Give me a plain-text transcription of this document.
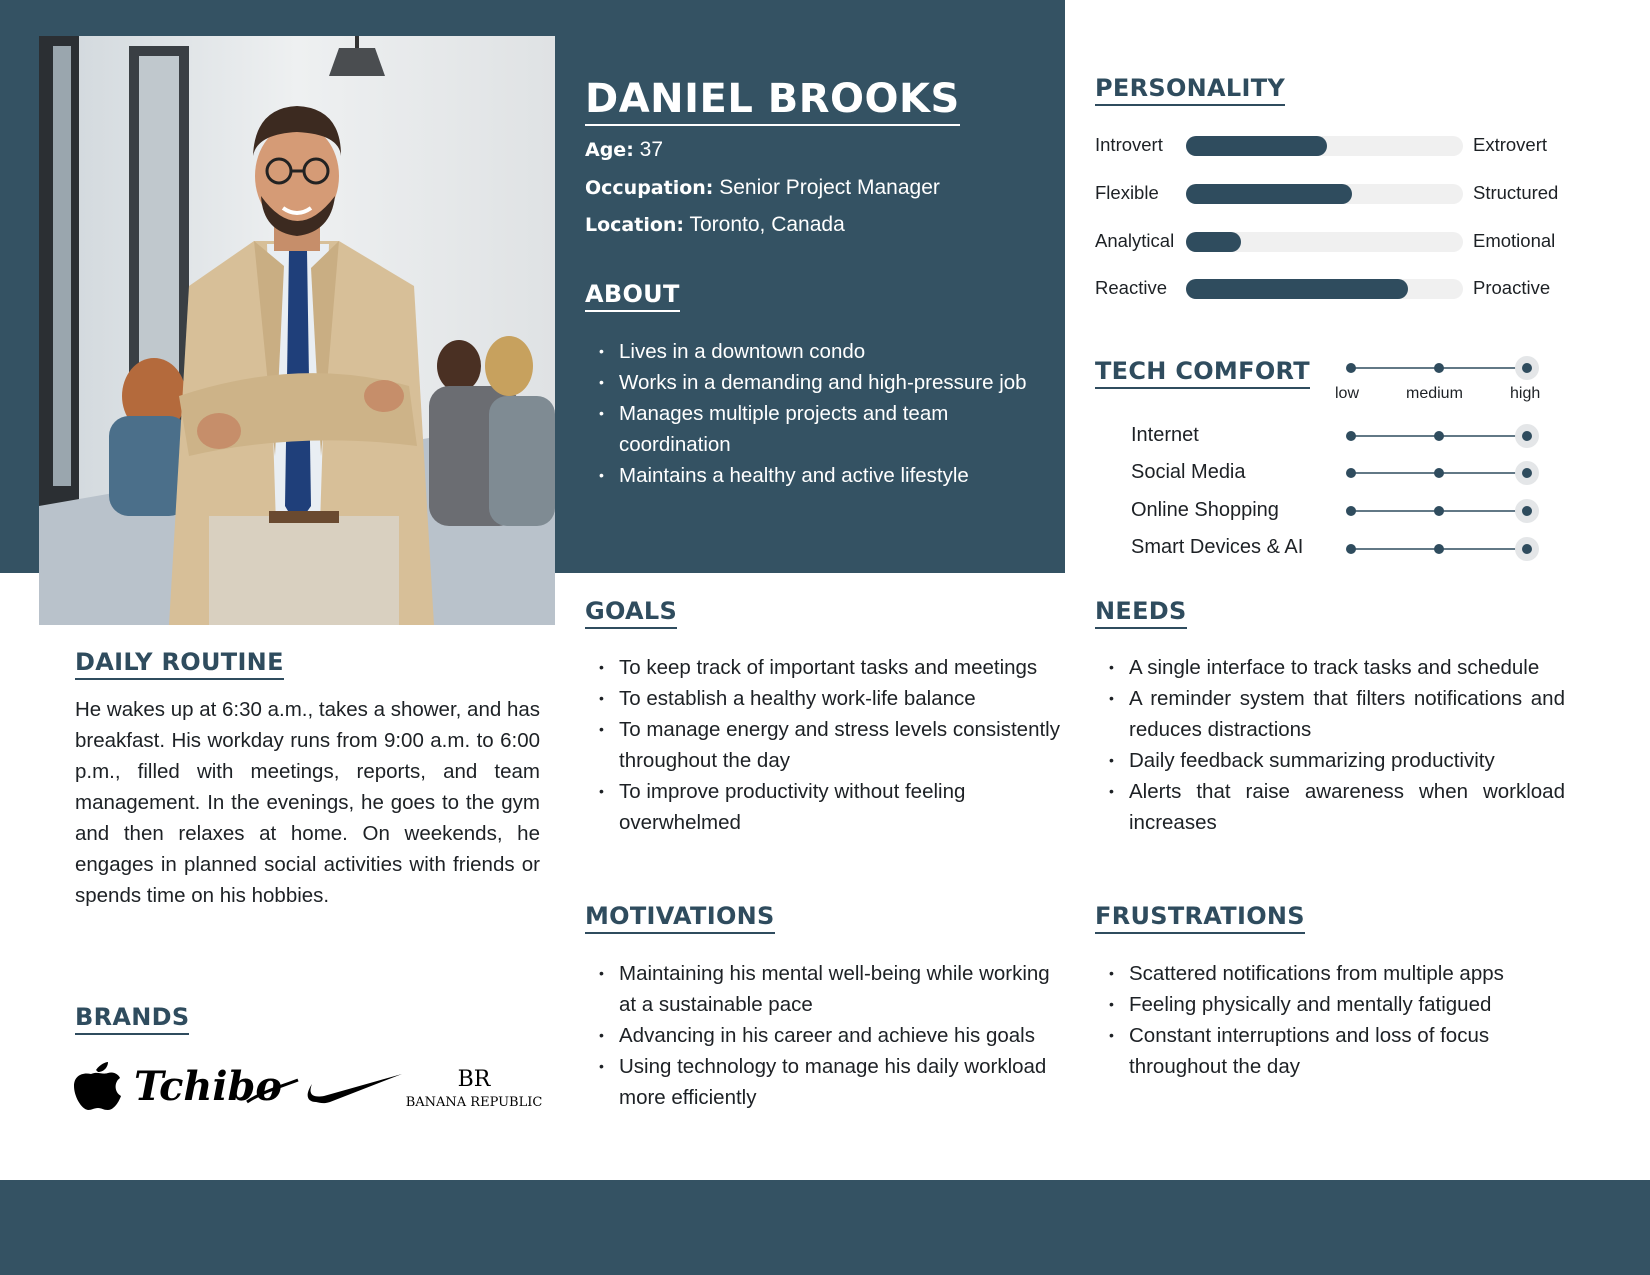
DANIEL BROOKS
Age: 37
Occupation: Senior Project Manager
Location: Toronto, Canada
ABOUT
• Lives in a downtown condo
• Works in a demanding and high-pressure job
• Manages multiple projects and team coordination
• Maintains a healthy and active lifestyle
PERSONALITY
Introvert	Extrovert
Flexible	Structured
Analytical	Emotional
Reactive	Proactive
TECH COMFORT
low	medium	high
Internet
Social Media
Online Shopping
Smart Devices & AI
DAILY ROUTINE
He wakes up at 6:30 a.m., takes a shower, and has breakfast. His workday runs from 9:00 a.m. to 6:00 p.m., filled with meetings, reports, and team management. In the evenings, he goes to the gym and then relaxes at home. On weekends, he engages in planned social activities with friends or spends time on his hobbies.
GOALS
• To keep track of important tasks and meetings
• To establish a healthy work-life balance
• To manage energy and stress levels consistently throughout the day
• To improve productivity without feeling overwhelmed
NEEDS
• A single interface to track tasks and schedule
• A reminder system that filters notifications and reduces distractions
• Daily feedback summarizing productivity
• Alerts that raise awareness when workload increases
MOTIVATIONS
• Maintaining his mental well-being while working at a sustainable pace
• Advancing in his career and achieve his goals
• Using technology to manage his daily workload more efficiently
FRUSTRATIONS
• Scattered notifications from multiple apps
• Feeling physically and mentally fatigued
• Constant interruptions and loss of focus throughout the day
BRANDS
Tchibo	BR
BANANA REPUBLIC
